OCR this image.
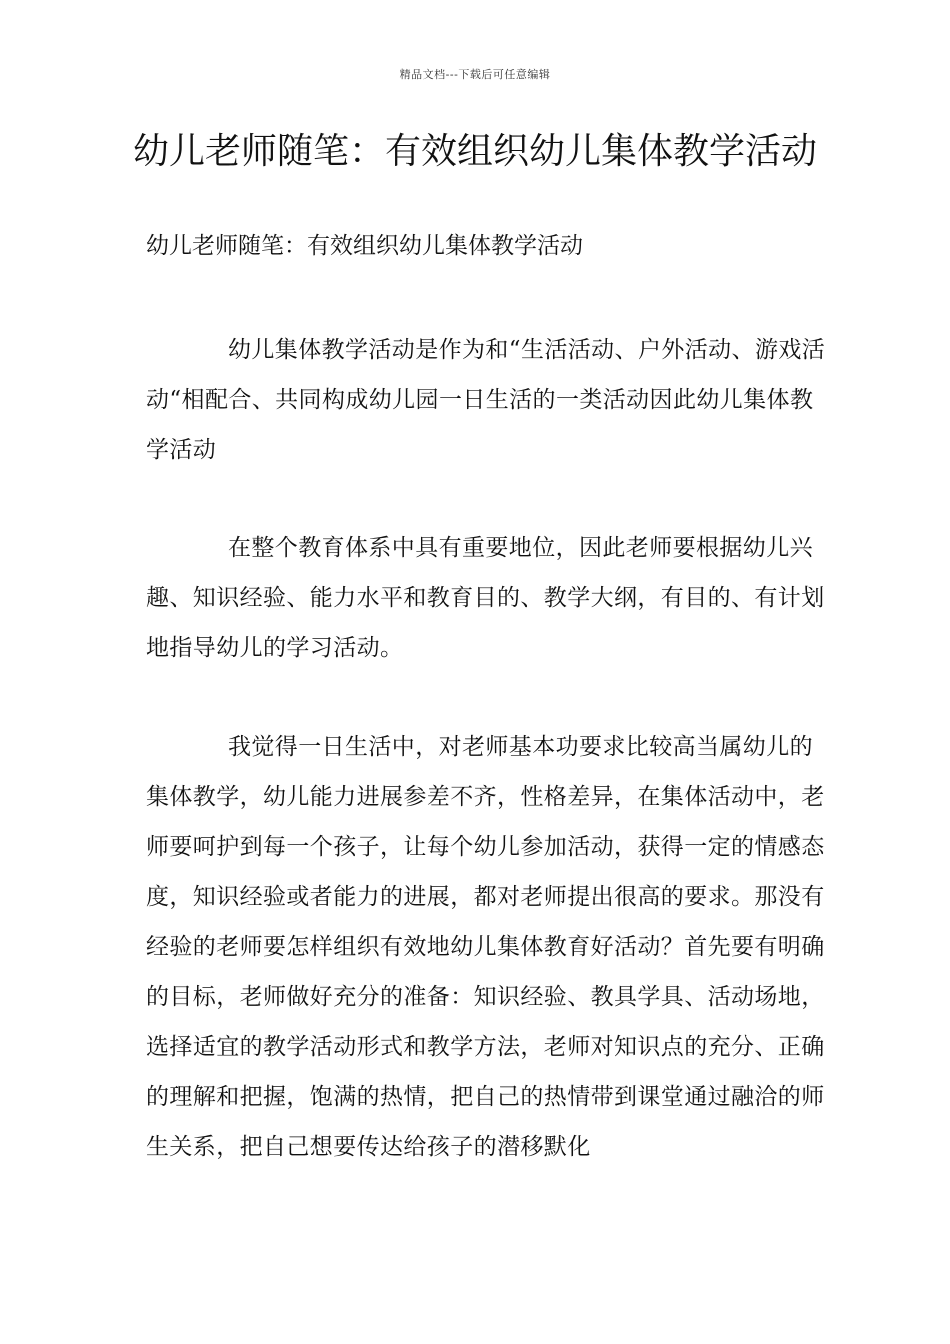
精品文档---下载后可任意编辑
幼儿老师随笔：有效组织幼儿集体教学活动

幼儿老师随笔：有效组织幼儿集体教学活动

幼儿集体教学活动是作为和“生活活动、户外活动、游戏活动“相配合、共同构成幼儿园一日生活的一类活动因此幼儿集体教学活动

在整个教育体系中具有重要地位，因此老师要根据幼儿兴趣、知识经验、能力水平和教育目的、教学大纲，有目的、有计划地指导幼儿的学习活动。

我觉得一日生活中，对老师基本功要求比较高当属幼儿的集体教学，幼儿能力进展参差不齐，性格差异，在集体活动中，老师要呵护到每一个孩子，让每个幼儿参加活动，获得一定的情感态度，知识经验或者能力的进展，都对老师提出很高的要求。那没有经验的老师要怎样组织有效地幼儿集体教育好活动？首先要有明确的目标，老师做好充分的准备：知识经验、教具学具、活动场地，选择适宜的教学活动形式和教学方法，老师对知识点的充分、正确的理解和把握，饱满的热情，把自己的热情带到课堂通过融洽的师生关系，把自己想要传达给孩子的潜移默化
